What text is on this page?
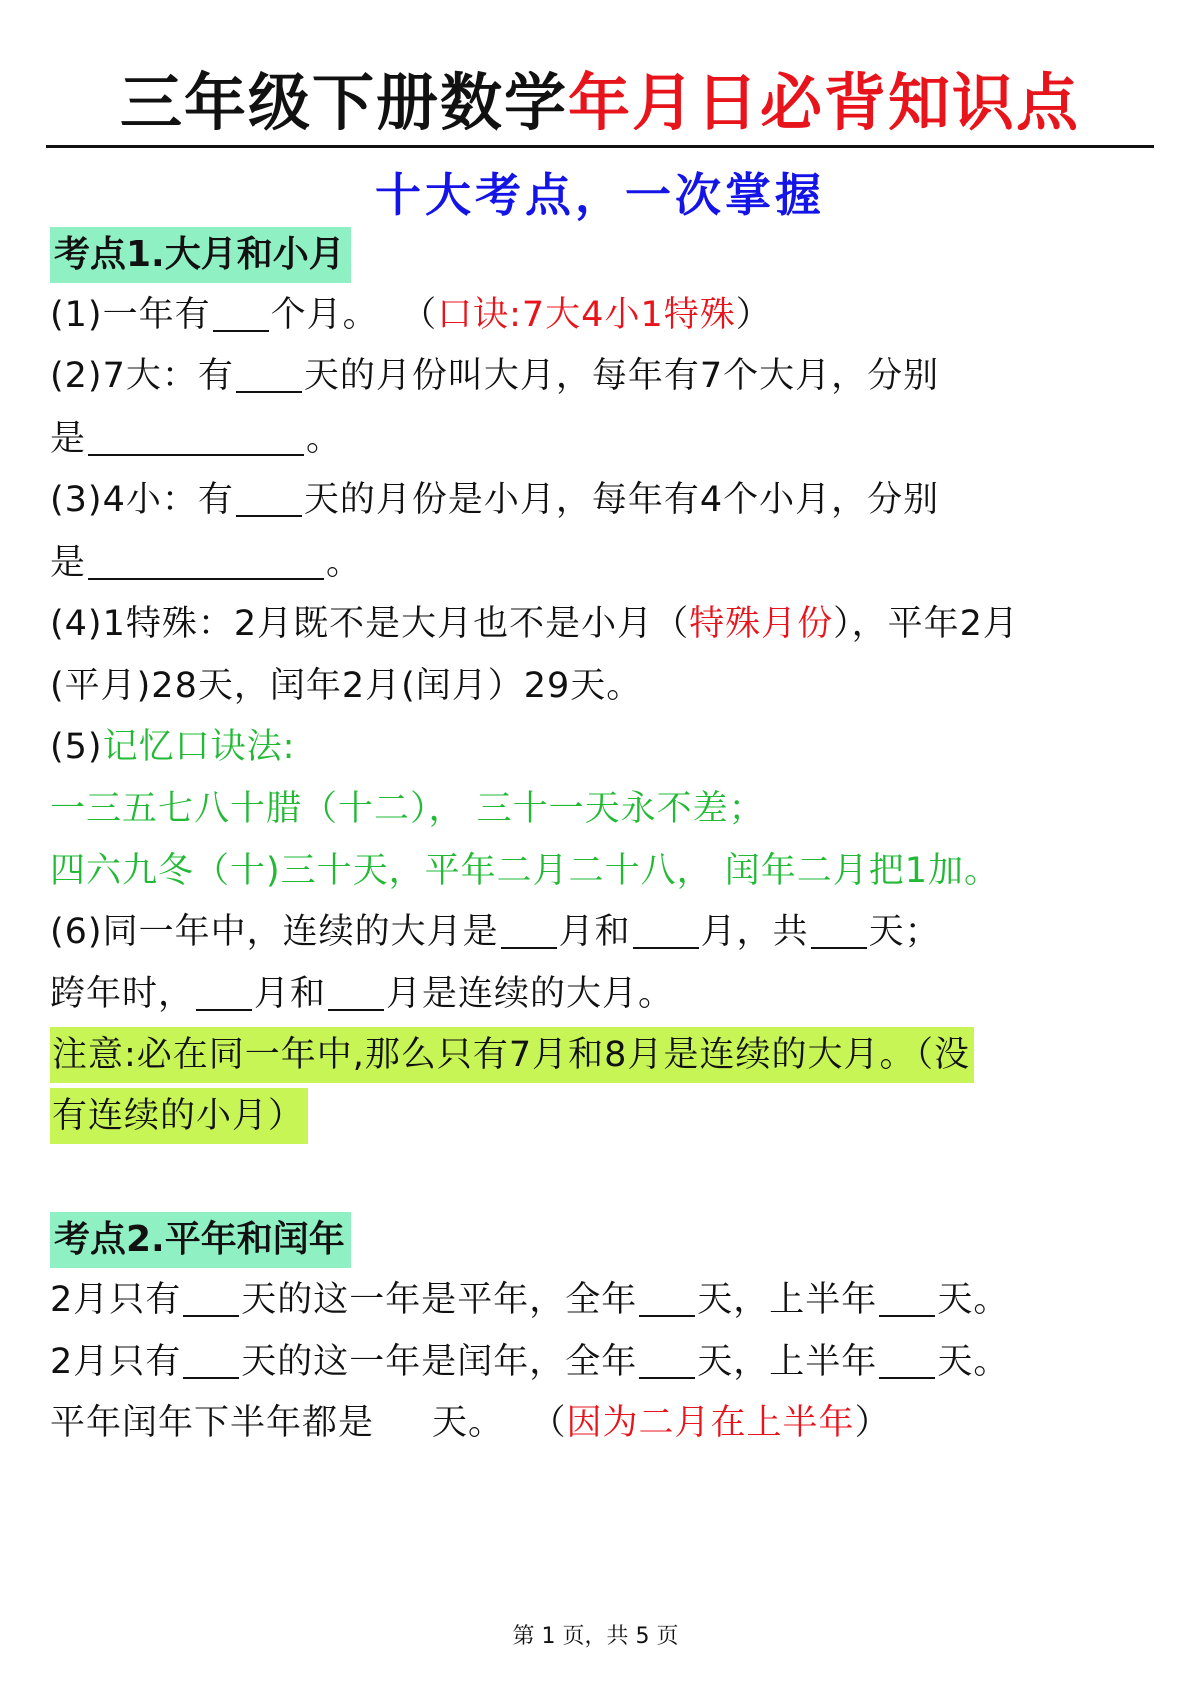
三年级下册数学年月日必背知识点
十大考点，一次掌握
考点1.大月和小月
(1)一年有 个月。 （口诀:7大4小1特殊）
(2)7大：有 天的月份叫大月，每年有7个大月，分别
是	。
(3)4小：有 天的月份是小月，每年有4个小月，分别
是	。
(4)1特殊：2月既不是大月也不是小月（特殊月份），平年2月
(平月)28天，闰年2月(闰月）29天。
(5)记忆口诀法:
一三五七八十腊（十二）， 三十一天永不差；
四六九冬（十)三十天，平年二月二十八， 闰年二月把1加。
(6)同一年中，连续的大月是 月和 月，共 天；
跨年时， 月和 月是连续的大月。
注意:必在同一年中,那么只有7月和8月是连续的大月。（没
有连续的小月）
考点2.平年和闰年
2月只有 天的这一年是平年，全年 天，上半年 天。
2月只有 天的这一年是闰年，全年 天，上半年 天。
平年闰年下半年都是 天。 （因为二月在上半年）
第 1 页，共 5 页
